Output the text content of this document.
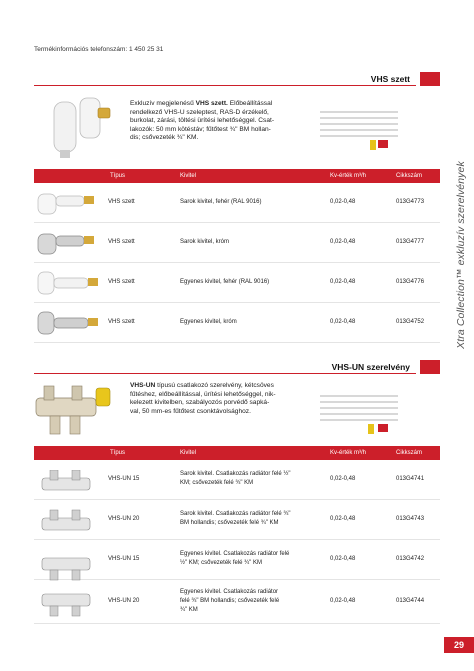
Termékinformációs telefonszám: 1 450 25 31
Xtra Collection™ exkluzív szerelvények
VHS szett
Exkluzív megjelenésű VHS szett. Előbeállítással
rendelkező VHS-U szeleptest, RAS-D érzékelő,
burkolat, zárási, töltési ürítési lehetőséggel. Csat-
lakozók: 50 mm kötéstáv; fűtőtest ¾" BM hollan-
dis; csővezeték ¾" KM.
Típus	Kivitel	Kv-érték m³/h	Cikkszám
VHS szett	Sarok kivitel, fehér (RAL 9016)	0,02-0,48	013G4773
VHS szett	Sarok kivitel, króm	0,02-0,48	013G4777
VHS szett	Egyenes kivitel, fehér (RAL 9016)	0,02-0,48	013G4776
VHS szett	Egyenes kivitel, króm	0,02-0,48	013G4752
VHS-UN szerelvény
VHS-UN típusú csatlakozó szerelvény, kétcsöves
fűtéshez, előbeállítással, ürítési lehetőséggel, nik-
kelezett kivitelben, szabályozós porvédő sapká-
val, 50 mm-es fűtőtest csonktávolsághoz.
Típus	Kivitel	Kv-érték m³/h	Cikkszám
VHS-UN 15
Sarok kivitel. Csatlakozás radiátor felé ½"
KM; csővezeték felé ¾" KM
0,02-0,48	013G4741
VHS-UN 20
Sarok kivitel. Csatlakozás radiátor felé ¾"
BM hollandis; csővezeték felé ¾" KM
0,02-0,48	013G4743
VHS-UN 15
Egyenes kivitel. Csatlakozás radiátor felé
½" KM; csővezeték felé ¾" KM
0,02-0,48	013G4742
VHS-UN 20
Egyenes kivitel. Csatlakozás radiátor
felé ¾" BM hollandis; csővezeték felé
¾" KM
0,02-0,48	013G4744
29
